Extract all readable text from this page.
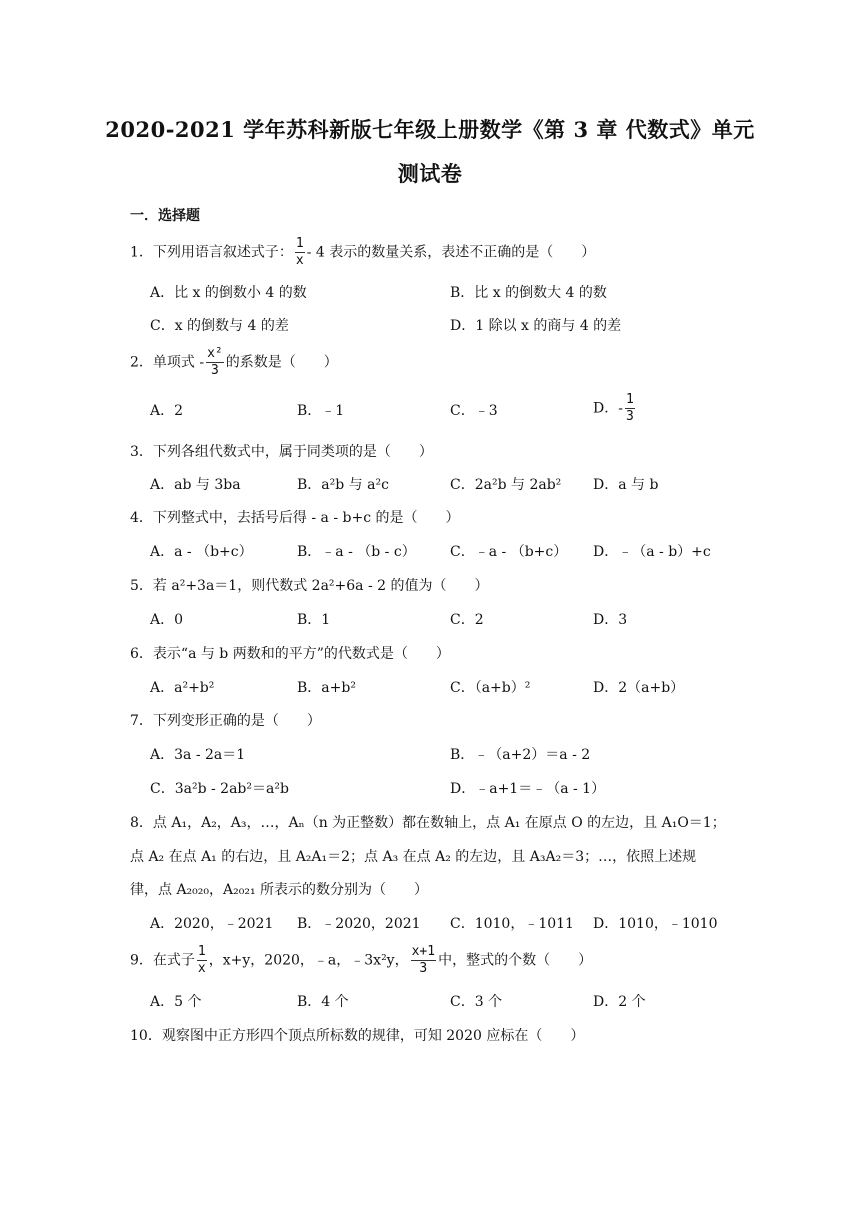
2020-2021 学年苏科新版七年级上册数学《第 3 章 代数式》单元
测试卷
一．选择题
1．下列用语言叙述式子： $\frac{1}{x} - 4$ 表示的数量关系，表述不正确的是（　　）
A．比 x 的倒数小 4 的数	B．比 x 的倒数大 4 的数
C．x 的倒数与 4 的差	D．1 除以 x 的商与 4 的差
2．单项式 - $\frac{\text{x²}}{3}$ 的系数是（　　）
A．2	B．﹣1	C．﹣3	D．- $\frac{1}{3}$
3．下列各组代数式中，属于同类项的是（　　）
A．ab 与 3ba	B．a²b 与 a²c	C．2a²b 与 2ab² D．a 与 b
4．下列整式中，去括号后得 - a - b+c 的是（　　）
A．a - （b+c）	B．﹣a - （b - c） C．﹣a - （b+c） D．﹣（a - b）+c
5．若 a²+3a＝1，则代数式 2a²+6a - 2 的值为（　　）
A．0	B．1	C．2	D．3
6．表示“a 与 b 两数和的平方”的代数式是（　　）
A．a²+b²	B．a+b²	C．（a+b）²	D．2（a+b）
7．下列变形正确的是（　　）
A．3a - 2a＝1	B．﹣（a+2）＝a - 2
C．3a²b - 2ab²＝a²b	D．﹣a+1＝﹣（a - 1）
8．点 A₁，A₂，A₃，…，Aₙ（n 为正整数）都在数轴上，点 A₁ 在原点 O 的左边，且 A₁O＝1；
点 A₂ 在点 A₁ 的右边，且 A₂A₁＝2；点 A₃ 在点 A₂ 的左边，且 A₃A₂＝3；…，依照上述规
律，点 A₂₀₂₀，A₂₀₂₁ 所表示的数分别为（　　）
A．2020，﹣2021 B．﹣2020，2021 C．1010，﹣1011 D．1010，﹣1010
9．在式子 $\frac{1}{x}$ ，x+y，2020，﹣a，﹣3x²y， $\frac{x+1}{3}$ 中，整式的个数（　　）
A．5 个	B．4 个	C．3 个	D．2 个
10．观察图中正方形四个顶点所标数的规律，可知 2020 应标在（　　）
